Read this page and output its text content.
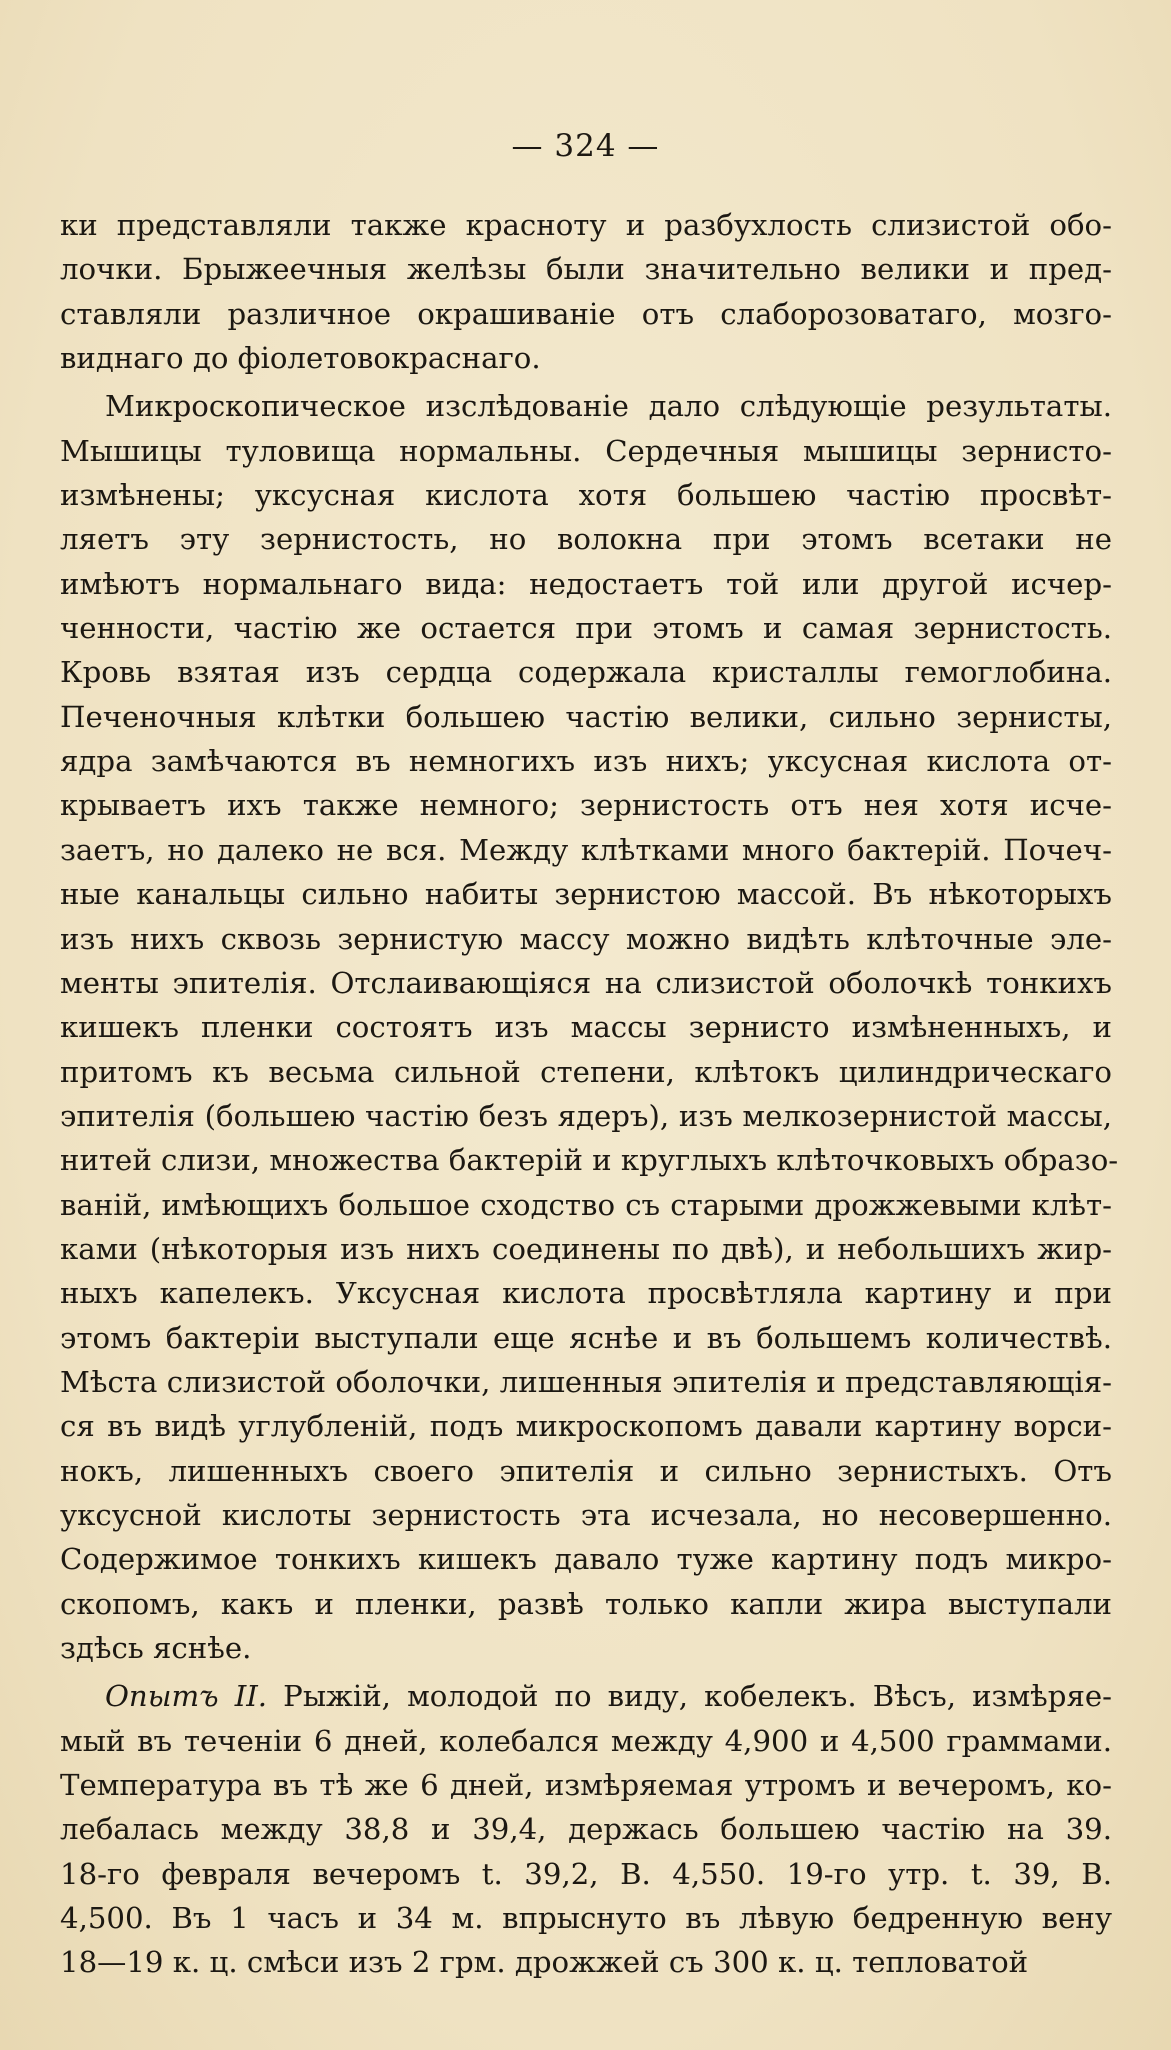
— 324 —
ки представляли также красноту и разбухлость слизистой обо-
лочки. Брыжеечныя желѣзы были значительно велики и пред-
ставляли различное окрашиванiе отъ слаборозоватаго, мозго-
виднаго до фiолетовокраснаго.
Микроскопическое изслѣдованiе дало слѣдующiе результаты.
Мышицы туловища нормальны. Сердечныя мышицы зернисто-
измѣнены; уксусная кислота хотя большею частiю просвѣт-
ляетъ эту зернистость, но волокна при этомъ всетаки не
имѣютъ нормальнаго вида: недостаетъ той или другой исчер-
ченности, частiю же остается при этомъ и самая зернистость.
Кровь взятая изъ сердца содержала кристаллы гемоглобина.
Печеночныя клѣтки большею частiю велики, сильно зернисты,
ядра замѣчаются въ немногихъ изъ нихъ; уксусная кислота от-
крываетъ ихъ также немного; зернистость отъ нея хотя исче-
заетъ, но далеко не вся. Между клѣтками много бактерiй. Почеч-
ные канальцы сильно набиты зернистою массой. Въ нѣкоторыхъ
изъ нихъ сквозь зернистую массу можно видѣть клѣточные эле-
менты эпителiя. Отслаивающiяся на слизистой оболочкѣ тонкихъ
кишекъ пленки состоятъ изъ массы зернисто измѣненныхъ, и
притомъ къ весьма сильной степени, клѣтокъ цилиндрическаго
эпителiя (большею частiю безъ ядеръ), изъ мелкозернистой массы,
нитей слизи, множества бактерiй и круглыхъ клѣточковыхъ образо-
ванiй, имѣющихъ большое сходство съ старыми дрожжевыми клѣт-
ками (нѣкоторыя изъ нихъ соединены по двѣ), и небольшихъ жир-
ныхъ капелекъ. Уксусная кислота просвѣтляла картину и при
этомъ бактерiи выступали еще яснѣе и въ большемъ количествѣ.
Мѣста слизистой оболочки, лишенныя эпителiя и представляющiя-
ся въ видѣ углубленiй, подъ микроскопомъ давали картину ворси-
нокъ, лишенныхъ своего эпителiя и сильно зернистыхъ. Отъ
уксусной кислоты зернистость эта исчезала, но несовершенно.
Содержимое тонкихъ кишекъ давало туже картину подъ микро-
скопомъ, какъ и пленки, развѣ только капли жира выступали
здѣсь яснѣе.
Опытъ II. Рыжiй, молодой по виду, кобелекъ. Вѣсъ, измѣряе-
мый въ теченiи 6 дней, колебался между 4,900 и 4,500 граммами.
Температура въ тѣ же 6 дней, измѣряемая утромъ и вечеромъ, ко-
лебалась между 38,8 и 39,4, держась большею частiю на 39.
18-го февраля вечеромъ t. 39,2, В. 4,550. 19-го утр. t. 39, В.
4,500. Въ 1 часъ и 34 м. впрыснуто въ лѣвую бедренную вену
18—19 к. ц. смѣси изъ 2 грм. дрожжей съ 300 к. ц. тепловатой
